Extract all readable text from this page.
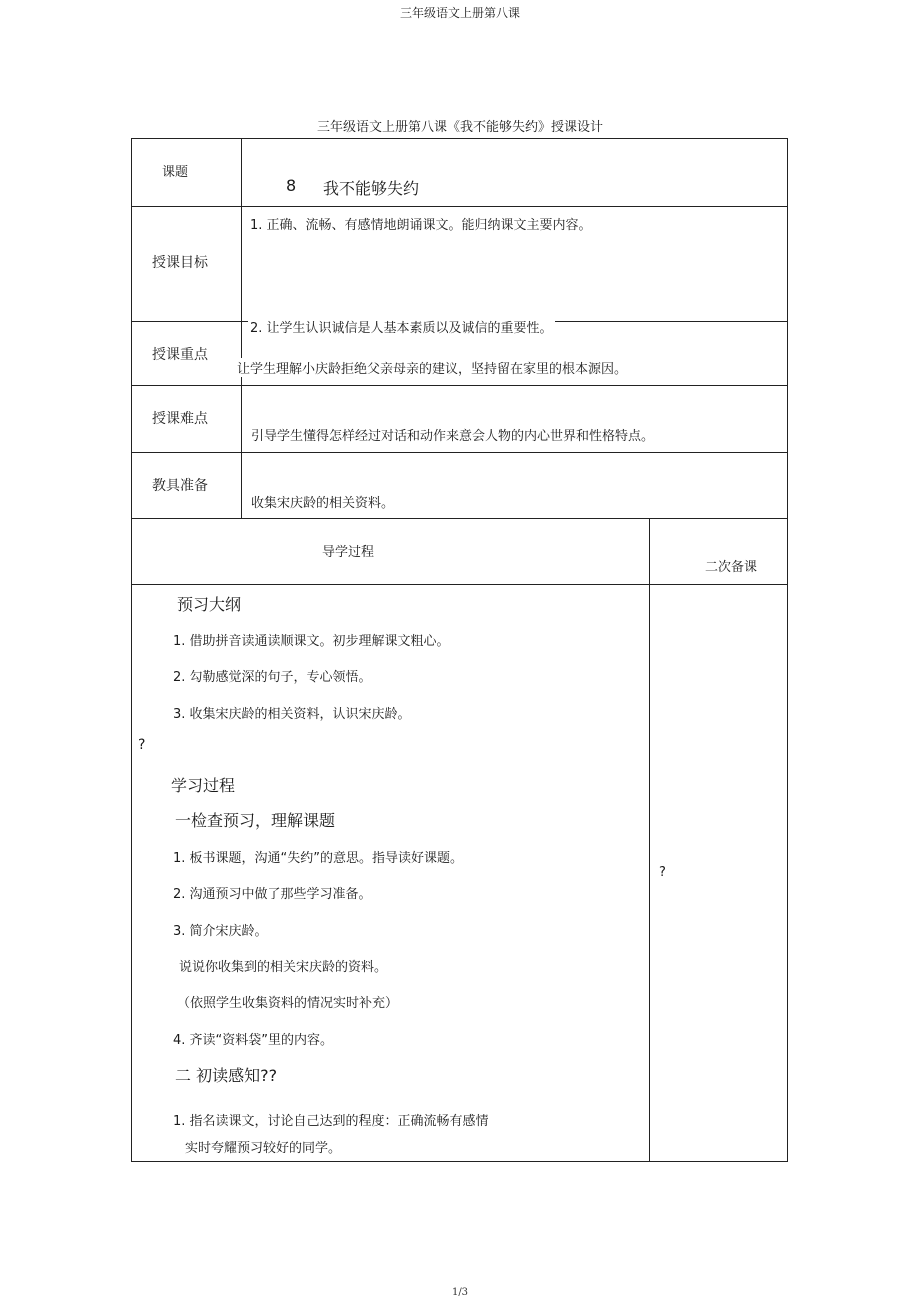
三年级语文上册第八课
三年级语文上册第八课《我不能够失约》授课设计
课题
8 我不能够失约
授课目标
1. 正确、流畅、有感情地朗诵课文。能归纳课文主要内容。
2. 让学生认识诚信是人基本素质以及诚信的重要性。
授课重点
让学生理解小庆龄拒绝父亲母亲的建议，坚持留在家里的根本源因。
授课难点
引导学生懂得怎样经过对话和动作来意会人物的内心世界和性格特点。
教具准备
收集宋庆龄的相关资料。
导学过程
二次备课
预习大纲
1. 借助拼音读通读顺课文。初步理解课文粗心。
2. 勾勒感觉深的句子，专心领悟。
3. 收集宋庆龄的相关资料，认识宋庆龄。
?
学习过程
一检查预习，理解课题
1. 板书课题，沟通“失约”的意思。指导读好课题。
2. 沟通预习中做了那些学习准备。
3. 简介宋庆龄。
说说你收集到的相关宋庆龄的资料。
（依照学生收集资料的情况实时补充）
4. 齐读“资料袋”里的内容。
二 初读感知??
1. 指名读课文，讨论自己达到的程度：正确流畅有感情
实时夸耀预习较好的同学。
?
1/3
